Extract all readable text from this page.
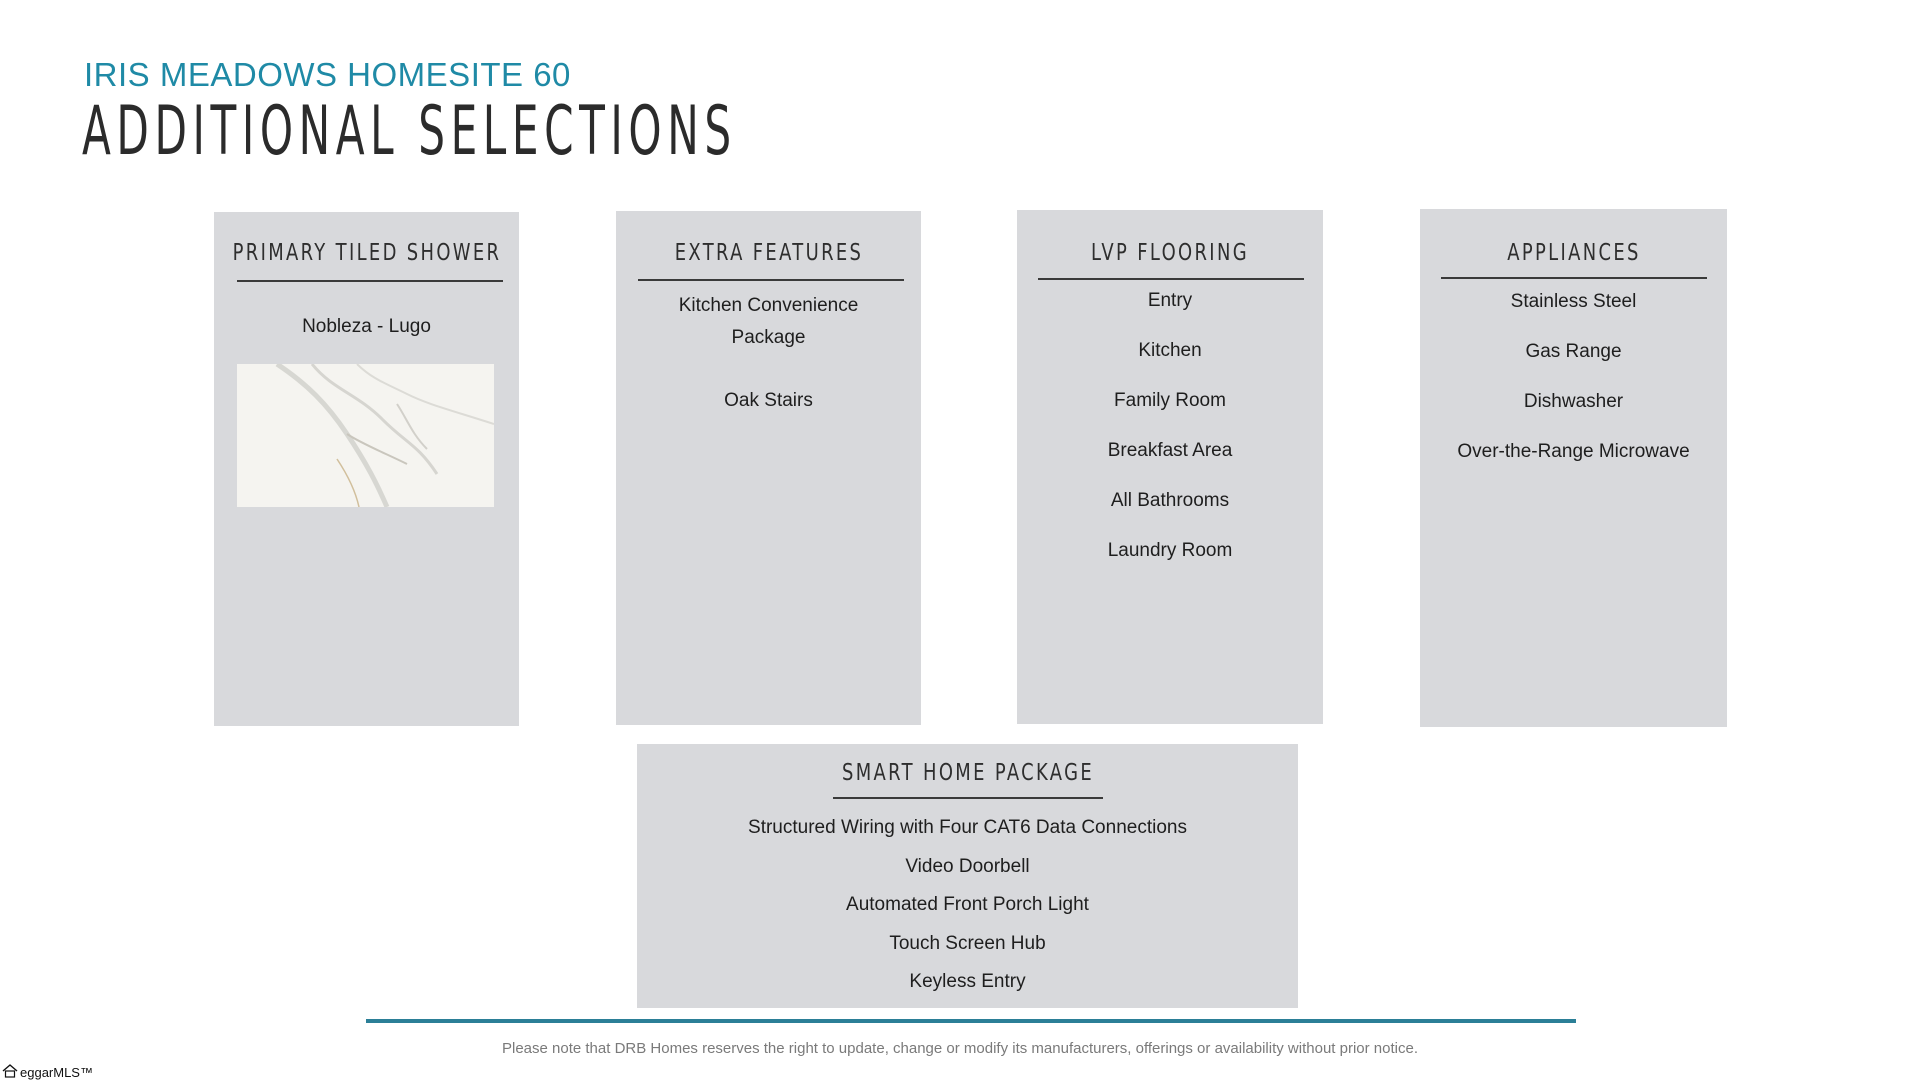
IRIS MEADOWS HOMESITE 60
ADDITIONAL SELECTIONS
PRIMARY TILED SHOWER
Nobleza - Lugo
EXTRA FEATURES
Kitchen Convenience
Package
Oak Stairs
LVP FLOORING
Entry
Kitchen
Family Room
Breakfast Area
All Bathrooms
Laundry Room
APPLIANCES
Stainless Steel
Gas Range
Dishwasher
Over-the-Range Microwave
SMART HOME PACKAGE
Structured Wiring with Four CAT6 Data Connections
Video Doorbell
Automated Front Porch Light
Touch Screen Hub
Keyless Entry
Please note that DRB Homes reserves the right to update, change or modify its manufacturers, offerings or availability without prior notice.
eggarMLS™
